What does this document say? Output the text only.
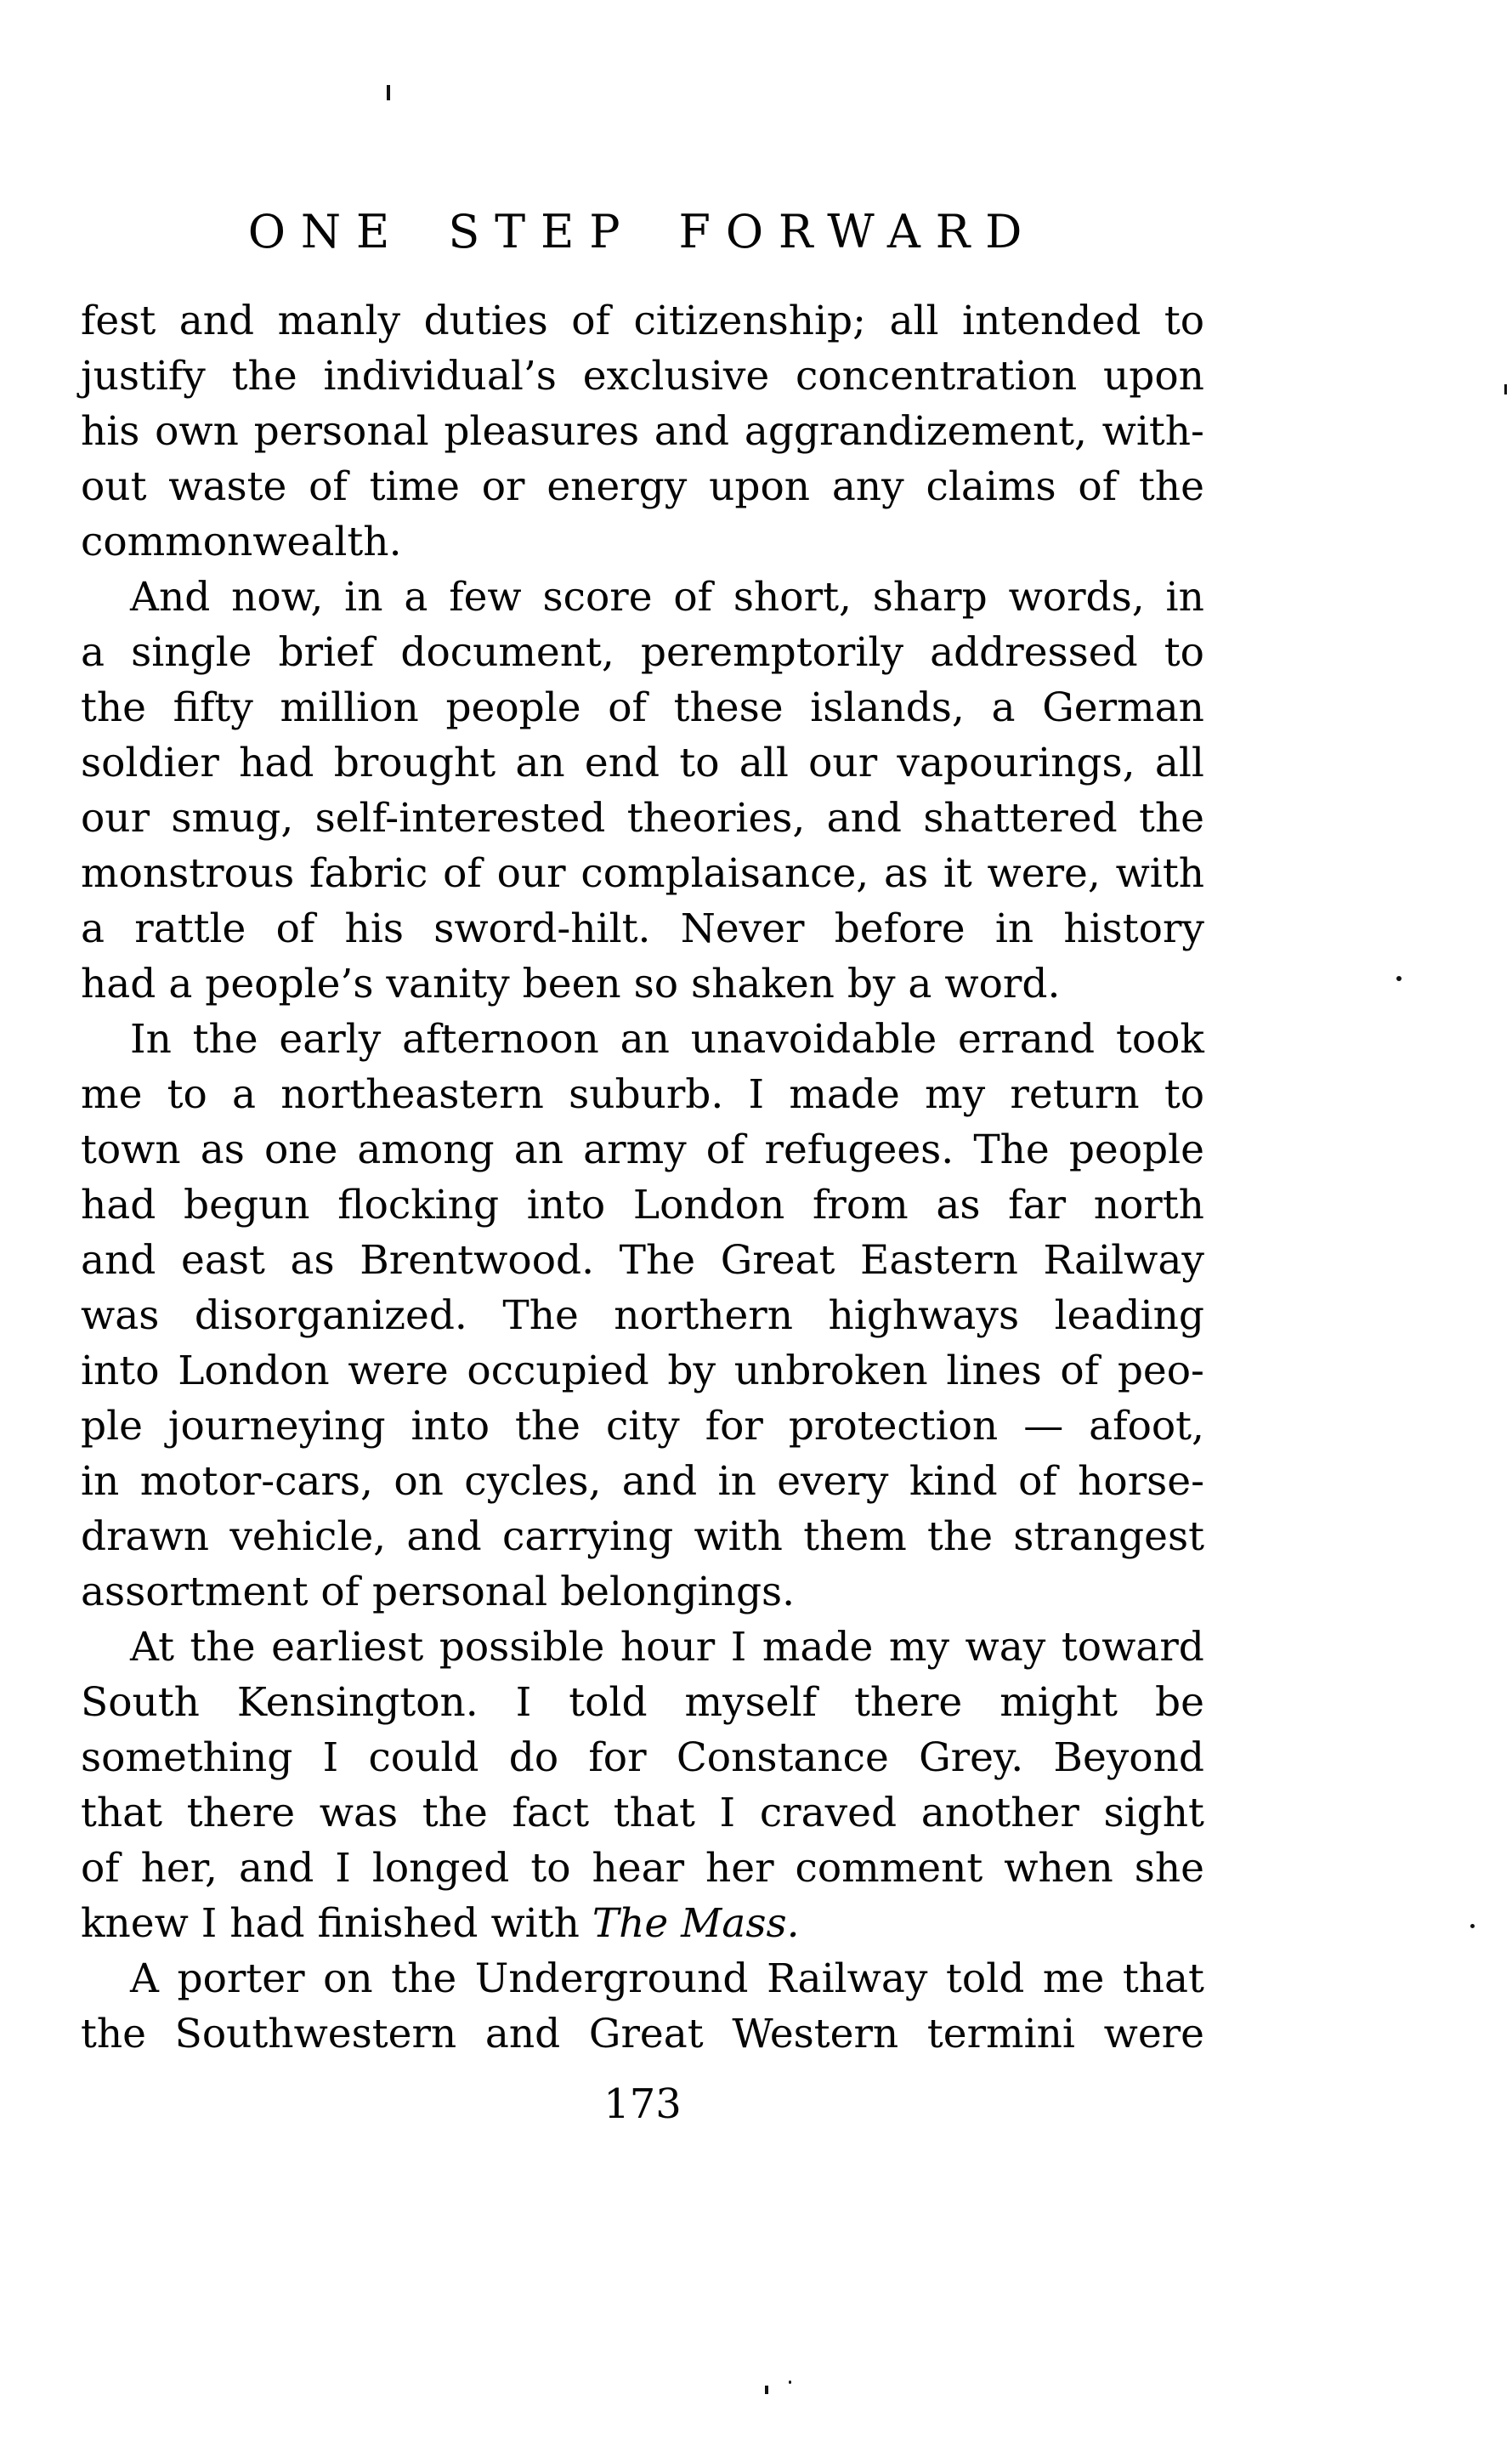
ONE STEP FORWARD
fest and manly duties of citizenship; all intended to
justify the individual’s exclusive concentration upon
his own personal pleasures and aggrandizement, with-
out waste of time or energy upon any claims of the
commonwealth.
And now, in a few score of short, sharp words, in
a single brief document, peremptorily addressed to
the fifty million people of these islands, a German
soldier had brought an end to all our vapourings, all
our smug, self-interested theories, and shattered the
monstrous fabric of our complaisance, as it were, with
a rattle of his sword-hilt. Never before in history
had a people’s vanity been so shaken by a word.
In the early afternoon an unavoidable errand took
me to a northeastern suburb. I made my return to
town as one among an army of refugees. The people
had begun flocking into London from as far north
and east as Brentwood. The Great Eastern Railway
was disorganized. The northern highways leading
into London were occupied by unbroken lines of peo-
ple journeying into the city for protection — afoot,
in motor-cars, on cycles, and in every kind of horse-
drawn vehicle, and carrying with them the strangest
assortment of personal belongings.
At the earliest possible hour I made my way toward
South Kensington. I told myself there might be
something I could do for Constance Grey. Beyond
that there was the fact that I craved another sight
of her, and I longed to hear her comment when she
knew I had finished with The Mass.
A porter on the Underground Railway told me that
the Southwestern and Great Western termini were
173
